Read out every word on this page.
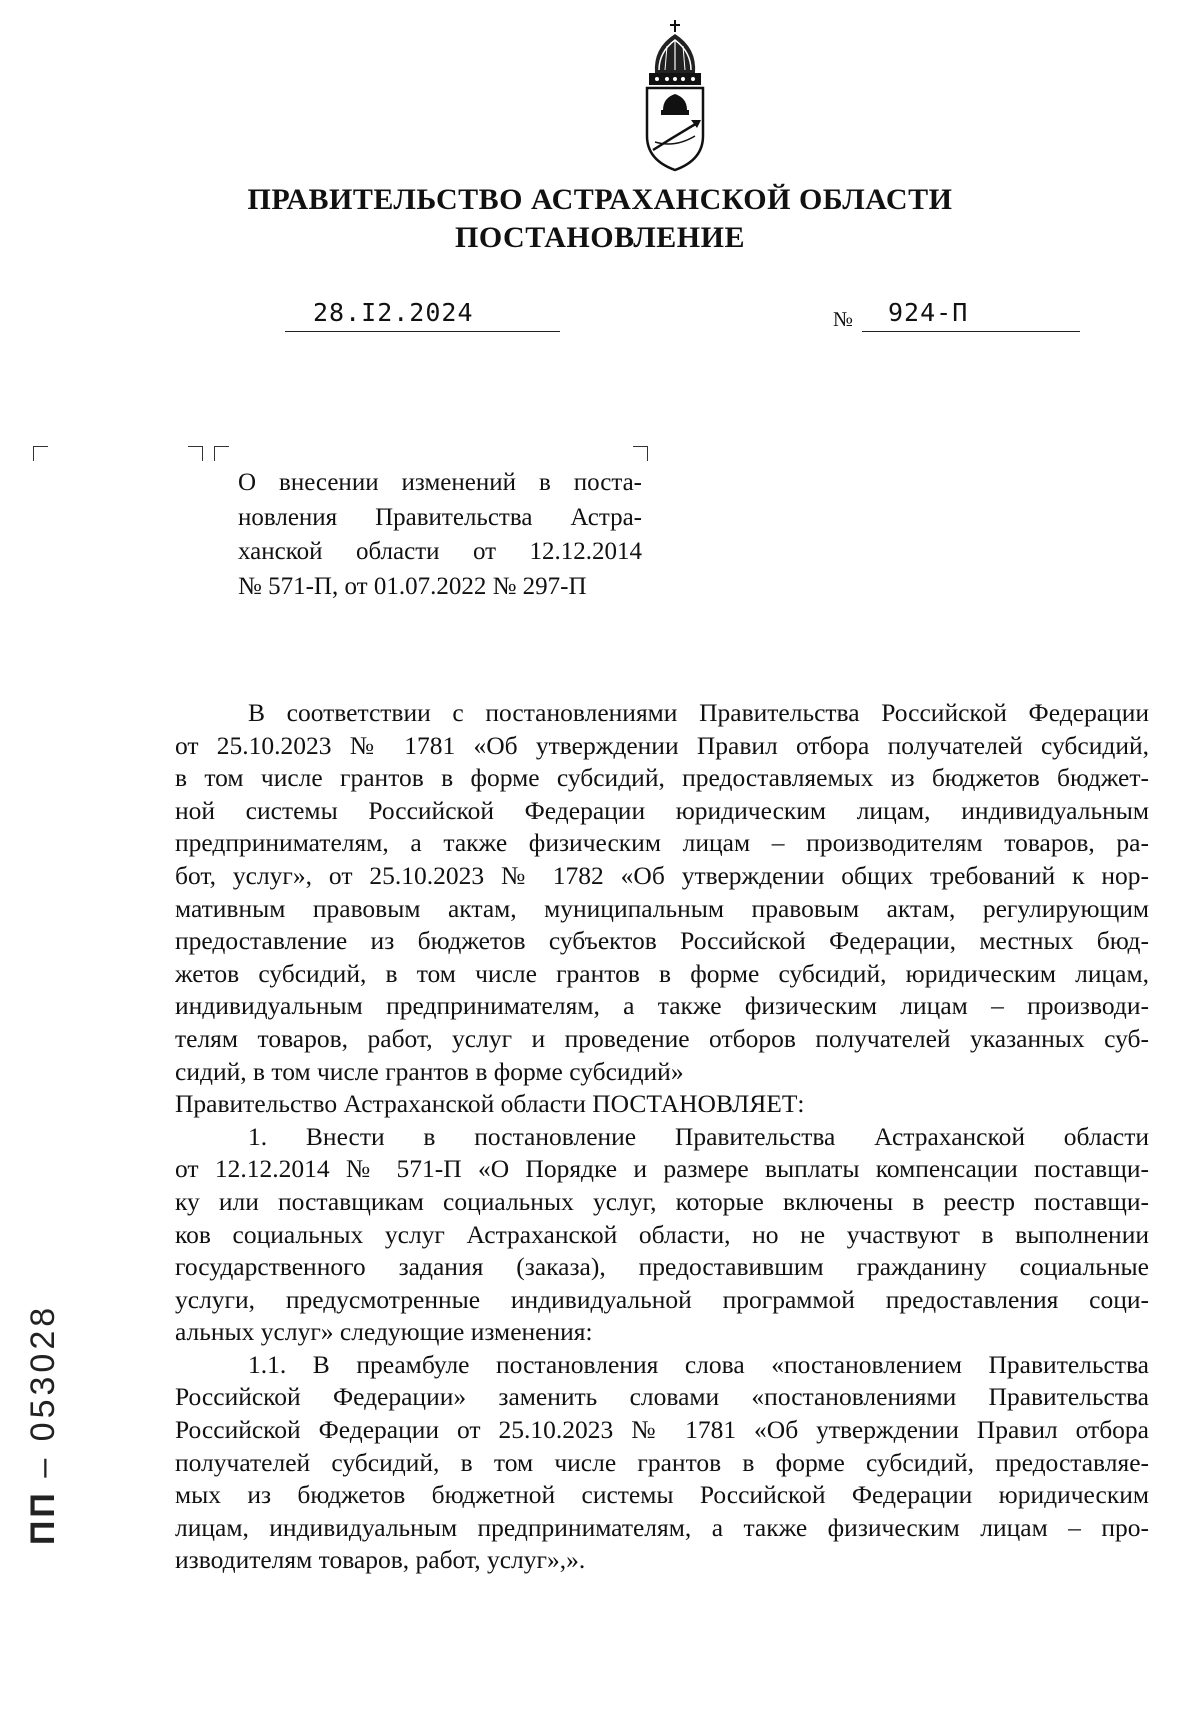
ПРАВИТЕЛЬСТВО АСТРАХАНСКОЙ ОБЛАСТИ
ПОСТАНОВЛЕНИЕ
28.I2.2024	№	924-П
О внесении изменений в поста-
новления Правительства Астра-
ханской области от 12.12.2014
№ 571-П, от 01.07.2022 № 297-П
В соответствии с постановлениями Правительства Российской Федерации
от 25.10.2023 № 1781 «Об утверждении Правил отбора получателей субсидий,
в том числе грантов в форме субсидий, предоставляемых из бюджетов бюджет-
ной системы Российской Федерации юридическим лицам, индивидуальным
предпринимателям, а также физическим лицам – производителям товаров, ра-
бот, услуг», от 25.10.2023 № 1782 «Об утверждении общих требований к нор-
мативным правовым актам, муниципальным правовым актам, регулирующим
предоставление из бюджетов субъектов Российской Федерации, местных бюд-
жетов субсидий, в том числе грантов в форме субсидий, юридическим лицам,
индивидуальным предпринимателям, а также физическим лицам – производи-
телям товаров, работ, услуг и проведение отборов получателей указанных суб-
сидий, в том числе грантов в форме субсидий»
Правительство Астраханской области ПОСТАНОВЛЯЕТ:
1. Внести в постановление Правительства Астраханской области
от 12.12.2014 № 571-П «О Порядке и размере выплаты компенсации поставщи-
ку или поставщикам социальных услуг, которые включены в реестр поставщи-
ков социальных услуг Астраханской области, но не участвуют в выполнении
государственного задания (заказа), предоставившим гражданину социальные
услуги, предусмотренные индивидуальной программой предоставления соци-
альных услуг» следующие изменения:
1.1. В преамбуле постановления слова «постановлением Правительства
Российской Федерации» заменить словами «постановлениями Правительства
Российской Федерации от 25.10.2023 № 1781 «Об утверждении Правил отбора
получателей субсидий, в том числе грантов в форме субсидий, предоставляе-
мых из бюджетов бюджетной системы Российской Федерации юридическим
лицам, индивидуальным предпринимателям, а также физическим лицам – про-
изводителям товаров, работ, услуг»,».
ПП – 053028
